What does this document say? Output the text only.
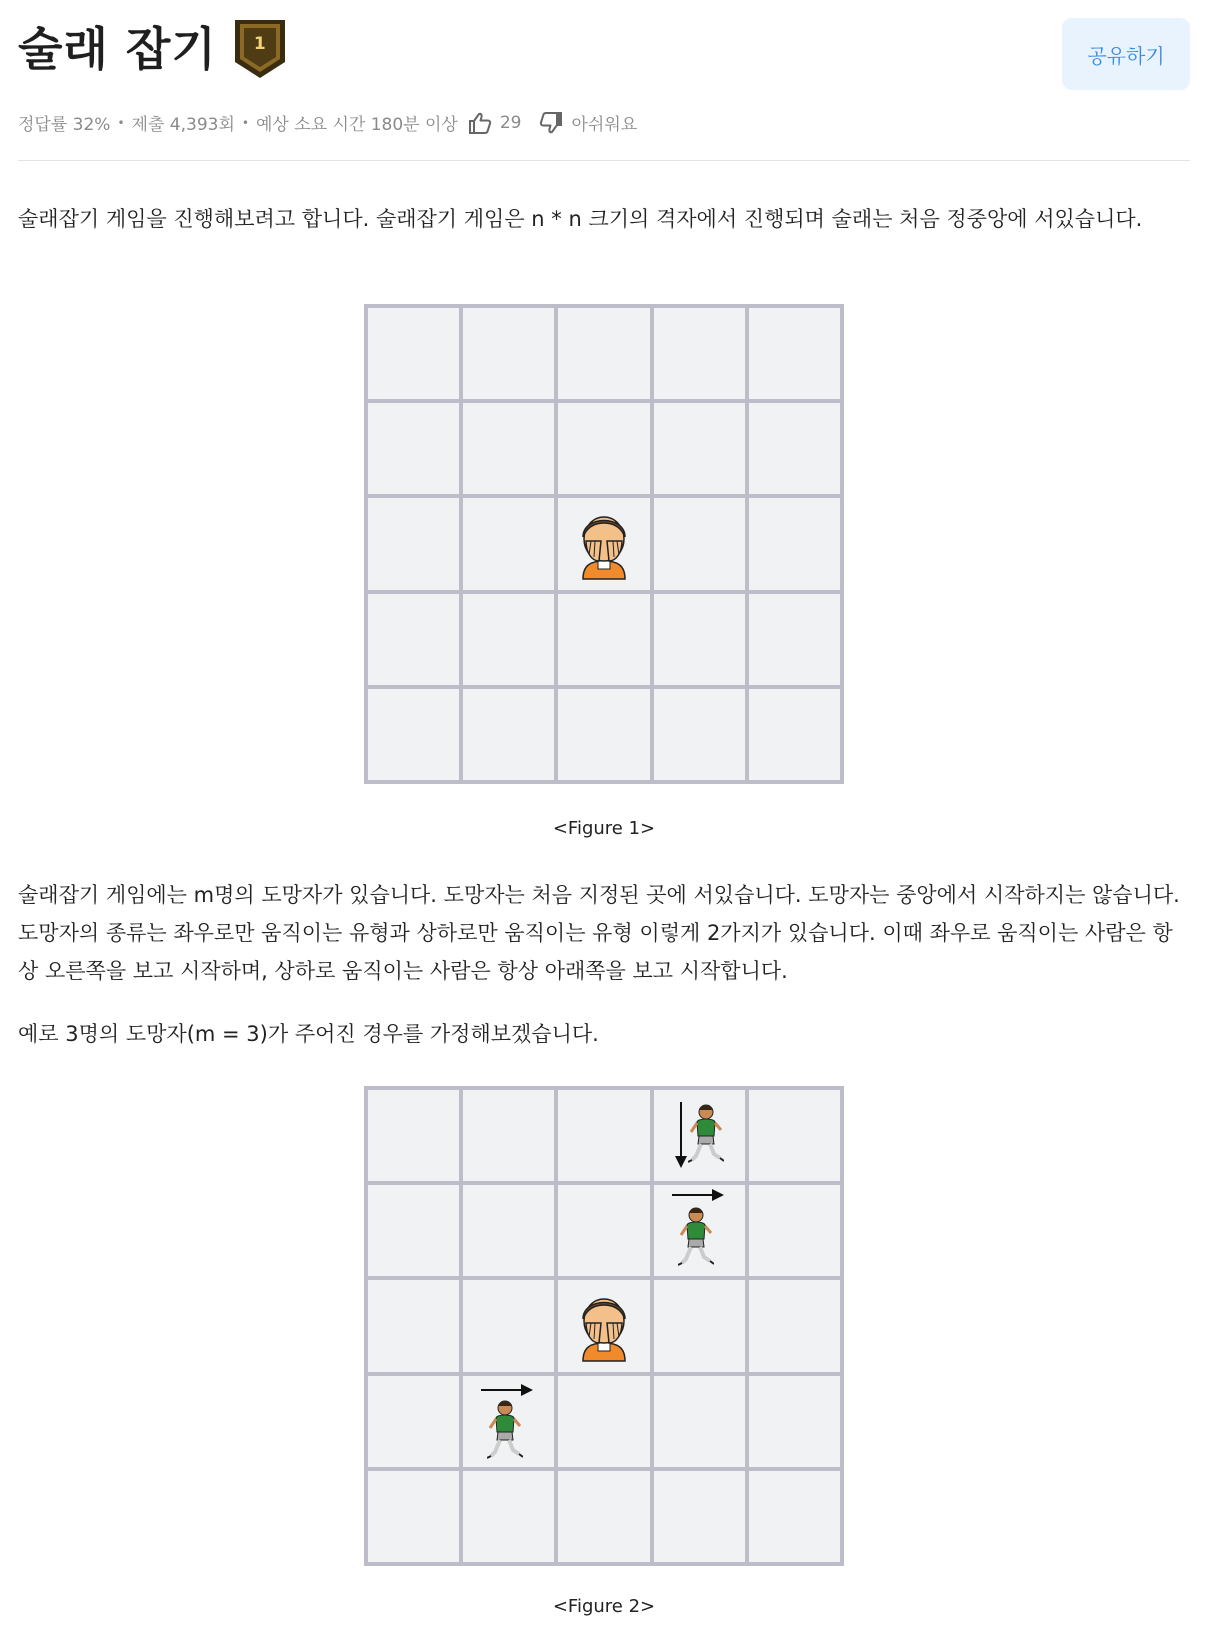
술래 잡기	1	공유하기
정답률 32% • 제출 4,393회 • 예상 소요 시간 180분 이상 29	아쉬워요

술래잡기 게임을 진행해보려고 합니다. 술래잡기 게임은 n * n 크기의 격자에서 진행되며 술래는 처음 정중앙에 서있습니다.

<Figure 1>

술래잡기 게임에는 m명의 도망자가 있습니다. 도망자는 처음 지정된 곳에 서있습니다. 도망자는 중앙에서 시작하지는 않습니다. 도망자의 종류는 좌우로만 움직이는 유형과 상하로만 움직이는 유형 이렇게 2가지가 있습니다. 이때 좌우로 움직이는 사람은 항상 오른쪽을 보고 시작하며, 상하로 움직이는 사람은 항상 아래쪽을 보고 시작합니다.

예로 3명의 도망자(m = 3)가 주어진 경우를 가정해보겠습니다.

<Figure 2>
